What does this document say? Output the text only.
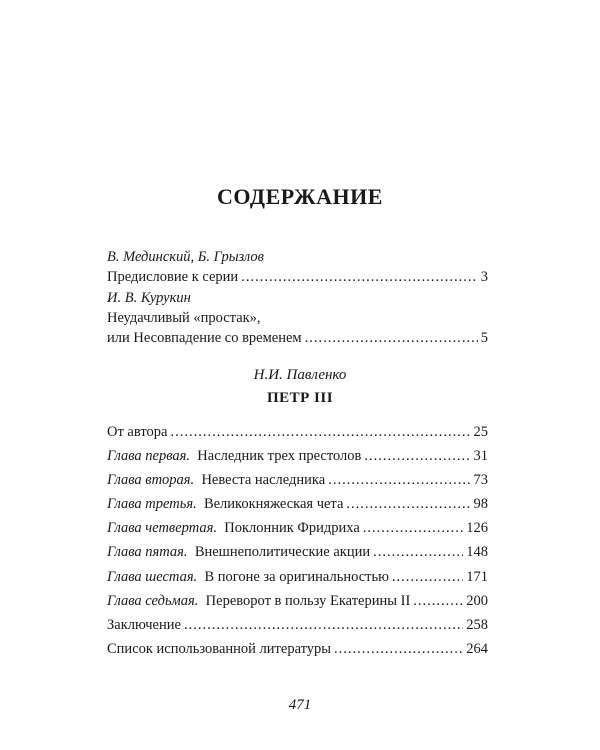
СОДЕРЖАНИЕ
В. Мединский, Б. Грызлов
Предисловие к серии .....	3
И. В. Курукин
Неудачливый «простак»,
или Несовпадение со временем .....	5
Н.И. Павленко
ПЕТР III
От автора .....	25
Глава первая. Наследник трех престолов .....	31
Глава вторая. Невеста наследника .....	73
Глава третья. Великокняжеская чета .....	98
Глава четвертая. Поклонник Фридриха .....	126
Глава пятая. Внешнеполитические акции .....	148
Глава шестая. В погоне за оригинальностью .....	171
Глава седьмая. Переворот в пользу Екатерины II .....	200
Заключение .....	258
Список использованной литературы .....	264
471
